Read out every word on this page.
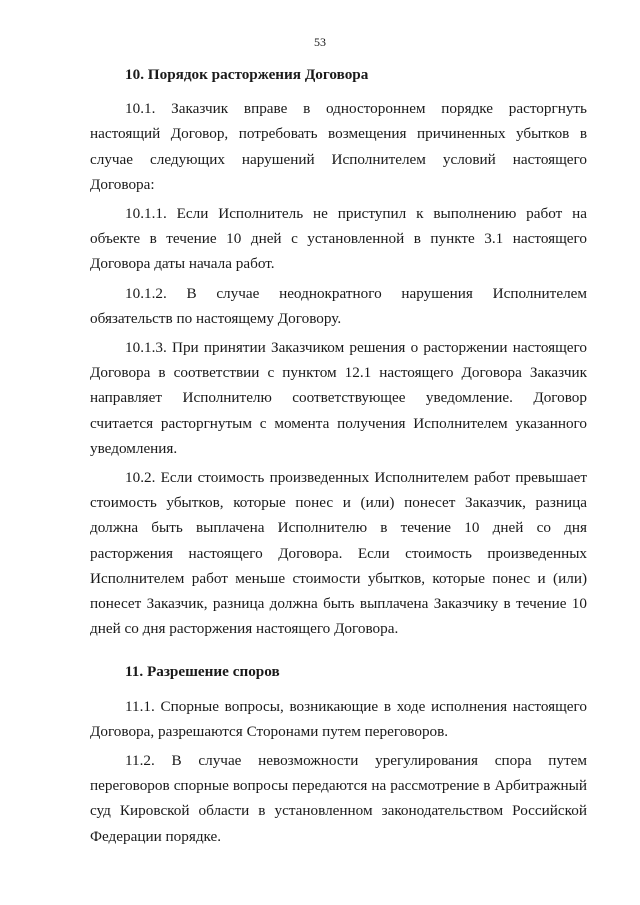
53
10. Порядок расторжения Договора

10.1. Заказчик вправе в одностороннем порядке расторгнуть настоящий Договор, потребовать возмещения причиненных убытков в случае следующих нарушений Исполнителем условий настоящего Договора:

10.1.1. Если Исполнитель не приступил к выполнению работ на объекте в течение 10 дней с установленной в пункте 3.1 настоящего Договора даты начала работ.

10.1.2. В случае неоднократного нарушения Исполнителем обязательств по настоящему Договору.

10.1.3. При принятии Заказчиком решения о расторжении настоящего Договора в соответствии с пунктом 12.1 настоящего Договора Заказчик направляет Исполнителю соответствующее уведомление. Договор считается расторгнутым с момента получения Исполнителем указанного уведомления.

10.2. Если стоимость произведенных Исполнителем работ превышает стоимость убытков, которые понес и (или) понесет Заказчик, разница должна быть выплачена Исполнителю в течение 10 дней со дня расторжения настоящего Договора. Если стоимость произведенных Исполнителем работ меньше стоимости убытков, которые понес и (или) понесет Заказчик, разница должна быть выплачена Заказчику в течение 10 дней со дня расторжения настоящего Договора.

11. Разрешение споров

11.1. Спорные вопросы, возникающие в ходе исполнения настоящего Договора, разрешаются Сторонами путем переговоров.

11.2. В случае невозможности урегулирования спора путем переговоров спорные вопросы передаются на рассмотрение в Арбитражный суд Кировской области в установленном законодательством Российской Федерации порядке.
